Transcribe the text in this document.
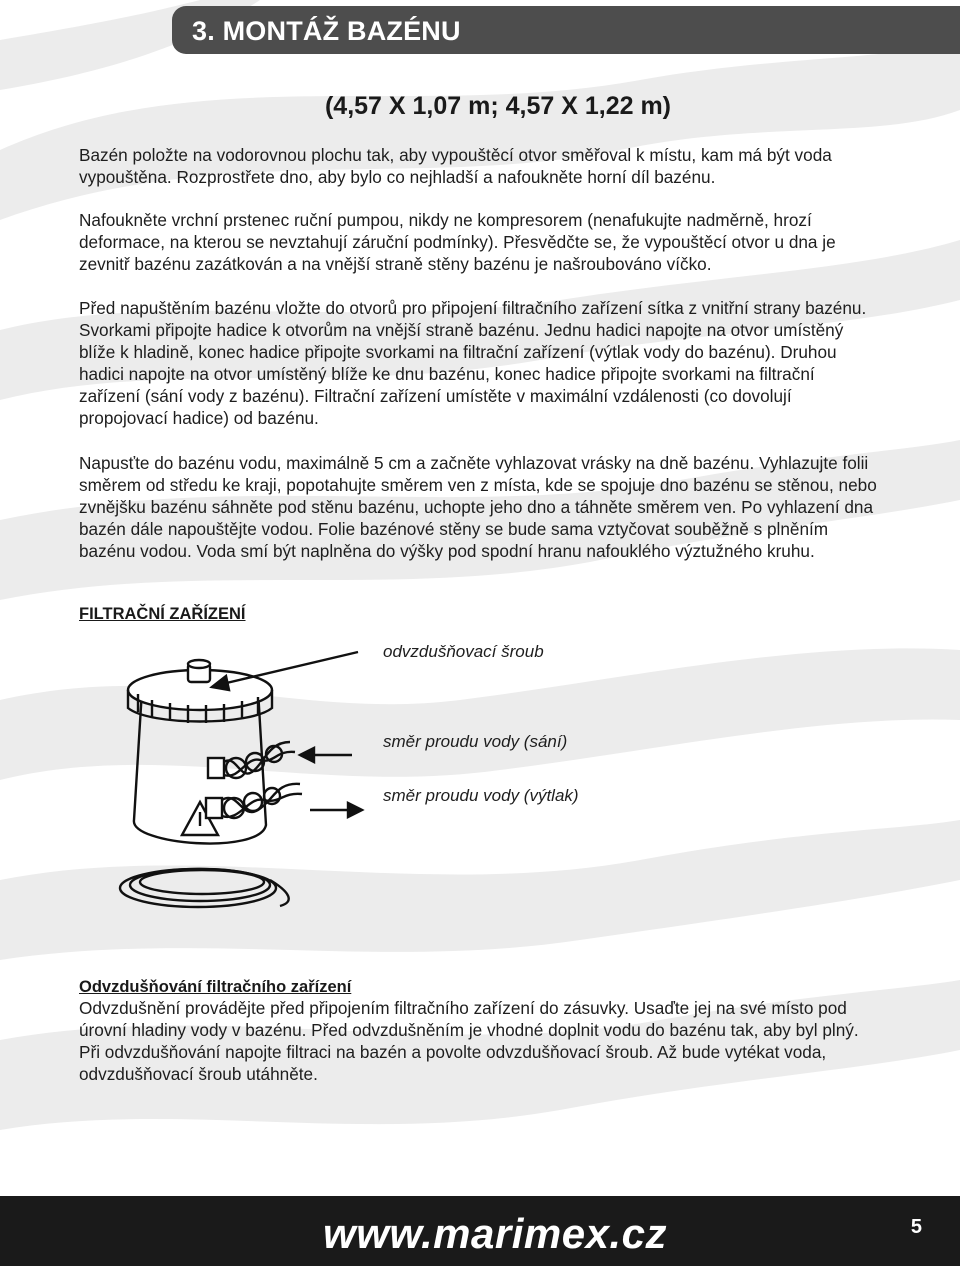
3. MONTÁŽ BAZÉNU
(4,57 X 1,07 m; 4,57 X 1,22 m)

Bazén položte na vodorovnou plochu tak, aby vypouštěcí otvor směřoval k místu, kam má být voda vypouštěna. Rozprostřete dno, aby bylo co nejhladší a nafoukněte horní díl bazénu.

Nafoukněte vrchní prstenec ruční pumpou, nikdy ne kompresorem (nenafukujte nadměrně, hrozí deformace, na kterou se nevztahují záruční podmínky). Přesvědčte se, že vypouštěcí otvor u dna je zevnitř bazénu zazátkován a na vnější straně stěny bazénu je našroubováno víčko.

Před napuštěním bazénu vložte do otvorů pro připojení filtračního zařízení sítka z vnitřní strany bazénu. Svorkami připojte hadice k otvorům na vnější straně bazénu. Jednu hadici napojte na otvor umístěný blíže k hladině, konec hadice připojte svorkami na filtrační zařízení (výtlak vody do bazénu). Druhou hadici napojte na otvor umístěný blíže ke dnu bazénu, konec hadice připojte svorkami na filtrační zařízení (sání vody z bazénu). Filtrační zařízení umístěte v maximální vzdálenosti (co dovolují propojovací hadice) od bazénu.

Napusťte do bazénu vodu, maximálně 5 cm a začněte vyhlazovat vrásky na dně bazénu. Vyhlazujte folii směrem od středu ke kraji, popotahujte směrem ven z místa, kde se spojuje dno bazénu se stěnou, nebo zvnějšku bazénu sáhněte pod stěnu bazénu, uchopte jeho dno a táhněte směrem ven. Po vyhlazení dna bazén dále napouštějte vodou. Folie bazénové stěny se bude sama vztyčovat souběžně s plněním bazénu vodou. Voda smí být naplněna do výšky pod spodní hranu nafouklého výztužného kruhu.

FILTRAČNÍ ZAŘÍZENÍ

odvzdušňovací šroub

směr proudu vody (sání)

směr proudu vody (výtlak)

Odvzdušňování filtračního zařízení

Odvzdušnění provádějte před připojením filtračního zařízení do zásuvky. Usaďte jej na své místo pod úrovní hladiny vody v bazénu. Před odvzdušněním je vhodné doplnit vodu do bazénu tak, aby byl plný.

Při odvzdušňování napojte filtraci na bazén a povolte odvzdušňovací šroub. Až bude vytékat voda, odvzdušňovací šroub utáhněte.

www.marimex.cz	5
